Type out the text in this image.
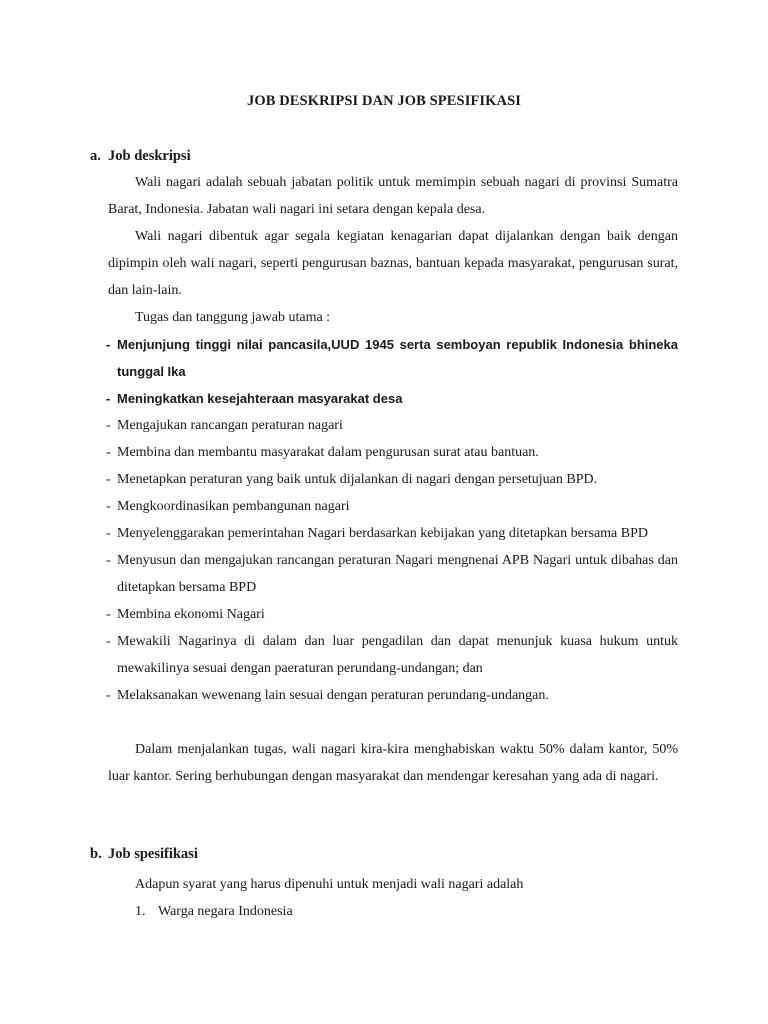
JOB DESKRIPSI DAN JOB SPESIFIKASI
a. Job deskripsi

Wali nagari adalah sebuah jabatan politik untuk memimpin sebuah nagari di provinsi Sumatra Barat, Indonesia. Jabatan wali nagari ini setara dengan kepala desa.

Wali nagari dibentuk agar segala kegiatan kenagarian dapat dijalankan dengan baik dengan dipimpin oleh wali nagari, seperti pengurusan baznas, bantuan kepada masyarakat, pengurusan surat, dan lain-lain.

Tugas dan tanggung jawab utama :

- Menjunjung tinggi nilai pancasila,UUD 1945 serta semboyan republik Indonesia bhineka tunggal Ika
- Meningkatkan kesejahteraan masyarakat desa
- Mengajukan rancangan peraturan nagari
- Membina dan membantu masyarakat dalam pengurusan surat atau bantuan.
- Menetapkan peraturan yang baik untuk dijalankan di nagari dengan persetujuan BPD.
- Mengkoordinasikan pembangunan nagari
- Menyelenggarakan pemerintahan Nagari berdasarkan kebijakan yang ditetapkan bersama BPD
- Menyusun dan mengajukan rancangan peraturan Nagari mengnenai APB Nagari untuk dibahas dan ditetapkan bersama BPD
- Membina ekonomi Nagari
- Mewakili Nagarinya di dalam dan luar pengadilan dan dapat menunjuk kuasa hukum untuk mewakilinya sesuai dengan paeraturan perundang-undangan; dan
- Melaksanakan wewenang lain sesuai dengan peraturan perundang-undangan.

Dalam menjalankan tugas, wali nagari kira-kira menghabiskan waktu 50% dalam kantor, 50% luar kantor. Sering berhubungan dengan masyarakat dan mendengar keresahan yang ada di nagari.

b. Job spesifikasi

Adapun syarat yang harus dipenuhi untuk menjadi wali nagari adalah

1. Warga negara Indonesia
